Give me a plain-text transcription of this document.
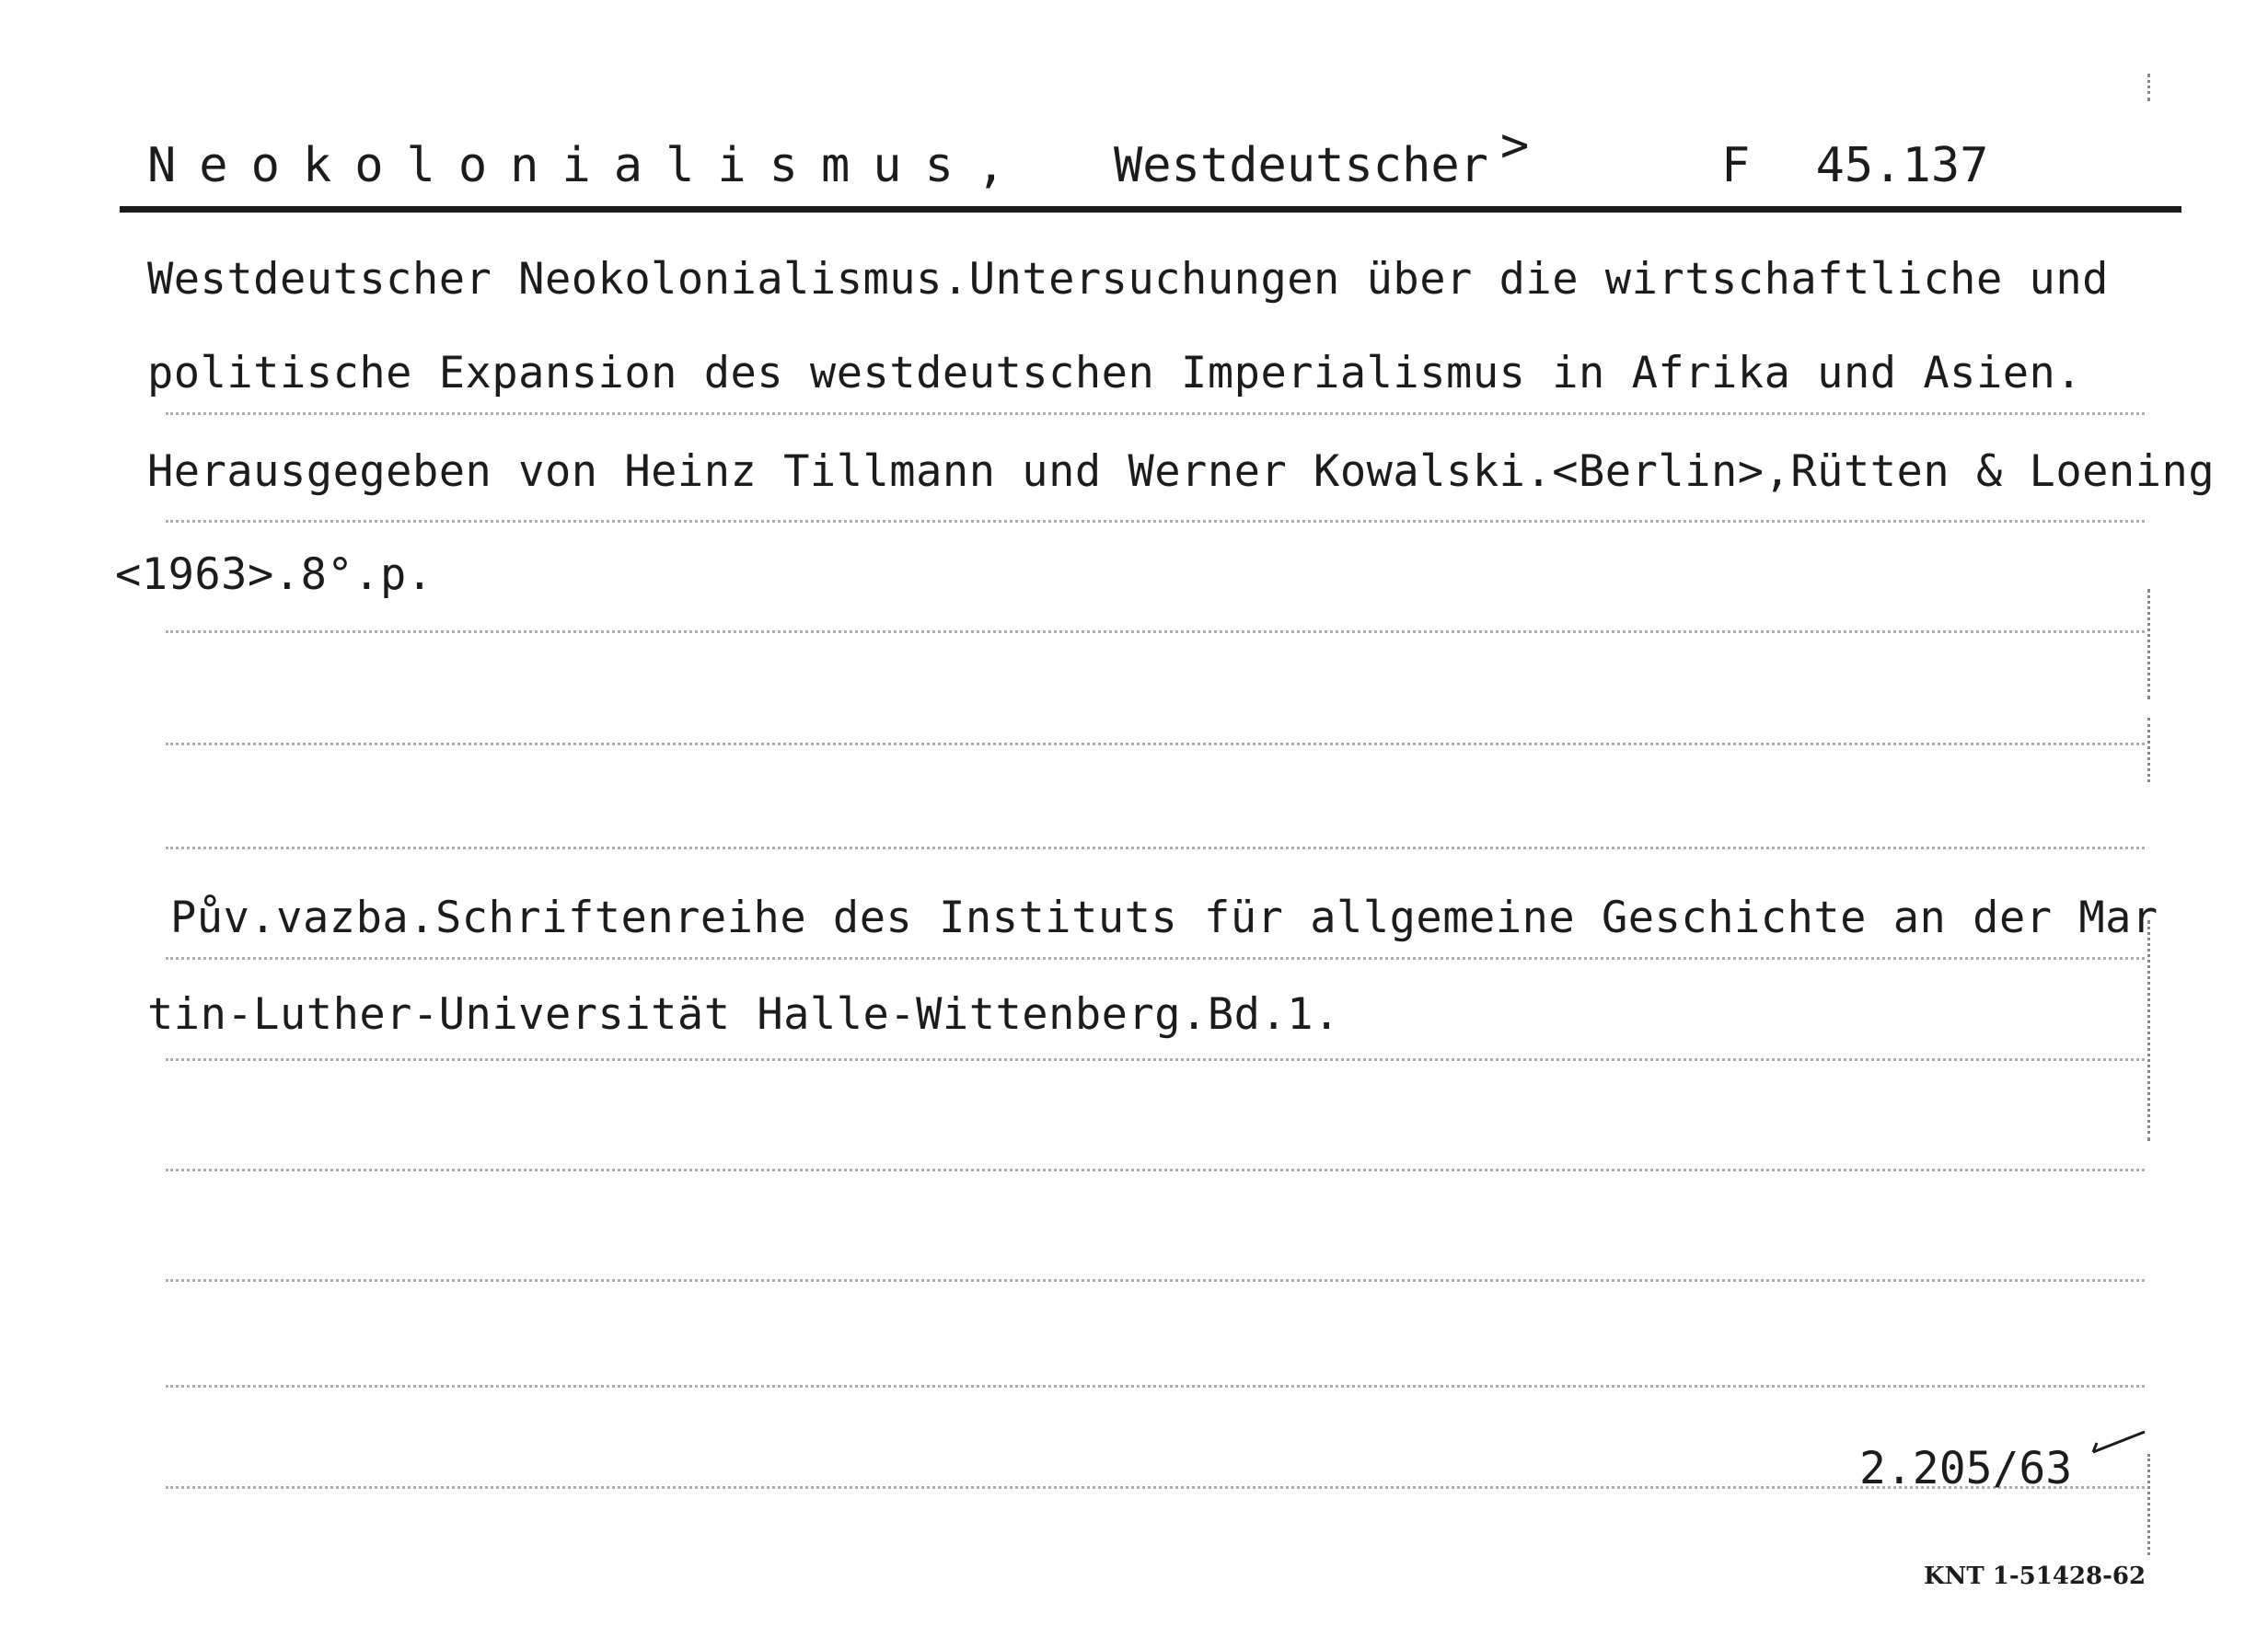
Neokolonialismus, Westdeutscher >	F 45.137
Westdeutscher Neokolonialismus.Untersuchungen über die wirtschaftliche und
politische Expansion des westdeutschen Imperialismus in Afrika und Asien.
Herausgegeben von Heinz Tillmann und Werner Kowalski.<Berlin>,Rütten & Loening
<1963>.8°.p.
Pův.vazba.Schriftenreihe des Instituts für allgemeine Geschichte an der Mar
tin-Luther-Universität Halle-Wittenberg.Bd.1.
2.205/63
KNT 1-51428-62
